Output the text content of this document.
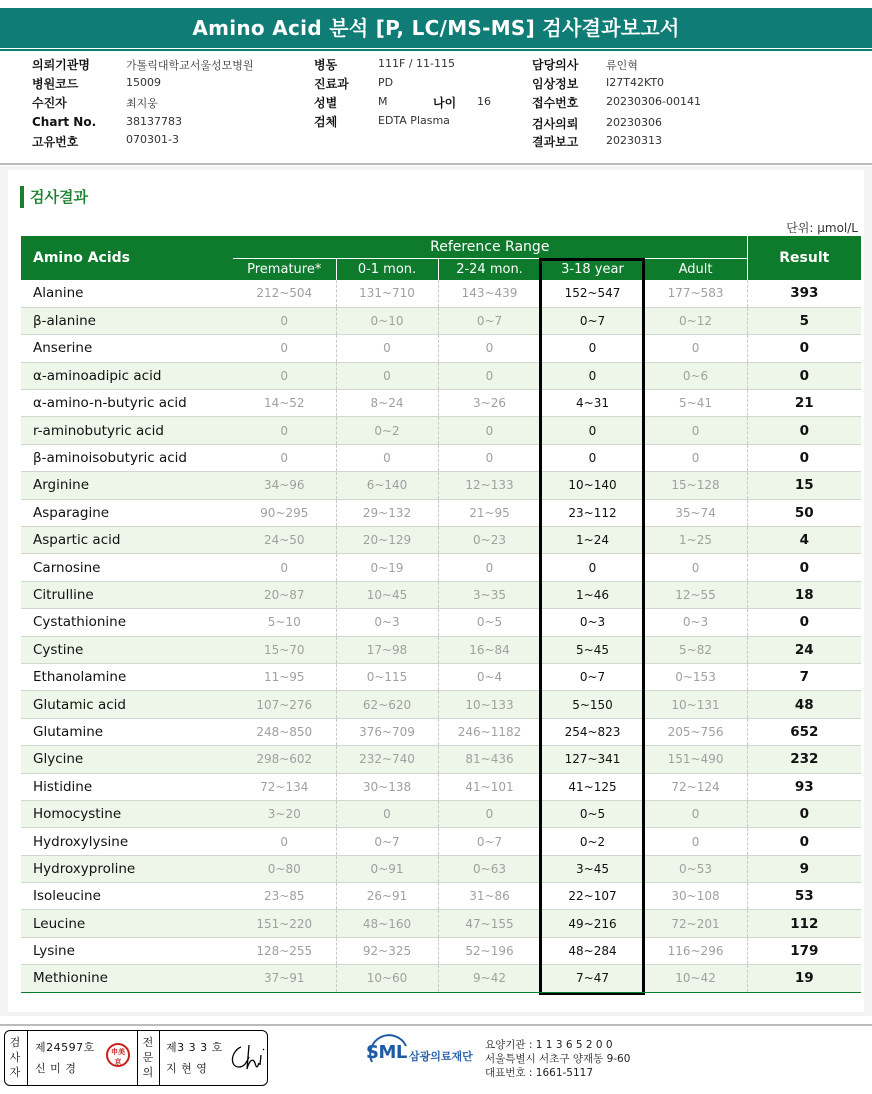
Amino Acid 분석 [P, LC/MS-MS] 검사결과보고서
의뢰기관명	가톨릭대학교서울성모병원
병원코드	15009
수진자	최지웅
Chart No.	38137783
고유번호	070301-3
병동	111F / 11-115
진료과	PD
성별	M	나이 16
검체	EDTA Plasma
담당의사	류인혁
임상정보	I27T42KT0
접수번호	20230306-00141
검사의뢰	20230306
결과보고	20230313
검사결과
단위: μmol/L
Amino Acids	Reference Range					Result
	Premature*	0-1 mon.	2-24 mon.	3-18 year	Adult	
Alanine	212~504	131~710	143~439	152~547	177~583	393
β-alanine	0	0~10	0~7	0~7	0~12	5
Anserine	0	0	0	0	0	0
α-aminoadipic acid	0	0	0	0	0~6	0
α-amino-n-butyric acid	14~52	8~24	3~26	4~31	5~41	21
r-aminobutyric acid	0	0~2	0	0	0	0
β-aminoisobutyric acid	0	0	0	0	0	0
Arginine	34~96	6~140	12~133	10~140	15~128	15
Asparagine	90~295	29~132	21~95	23~112	35~74	50
Aspartic acid	24~50	20~129	0~23	1~24	1~25	4
Carnosine	0	0~19	0	0	0	0
Citrulline	20~87	10~45	3~35	1~46	12~55	18
Cystathionine	5~10	0~3	0~5	0~3	0~3	0
Cystine	15~70	17~98	16~84	5~45	5~82	24
Ethanolamine	11~95	0~115	0~4	0~7	0~153	7
Glutamic acid	107~276	62~620	10~133	5~150	10~131	48
Glutamine	248~850	376~709	246~1182	254~823	205~756	652
Glycine	298~602	232~740	81~436	127~341	151~490	232
Histidine	72~134	30~138	41~101	41~125	72~124	93
Homocystine	3~20	0	0	0~5	0	0
Hydroxylysine	0	0~7	0~7	0~2	0	0
Hydroxyproline	0~80	0~91	0~63	3~45	0~53	9
Isoleucine	23~85	26~91	31~86	22~107	30~108	53
Leucine	151~220	48~160	47~155	49~216	72~201	112
Lysine	128~255	92~325	52~196	48~284	116~296	179
Methionine	37~91	10~60	9~42	7~47	10~42	19
검
사
자
제24597호
신 미 경
申美京
전
문
의
제3 3 3 호
지 현 영
SML 삼광의료재단
요양기관 : 1 1 3 6 5 2 0 0
서울특별시 서초구 양재동 9-60
대표번호 : 1661-5117
